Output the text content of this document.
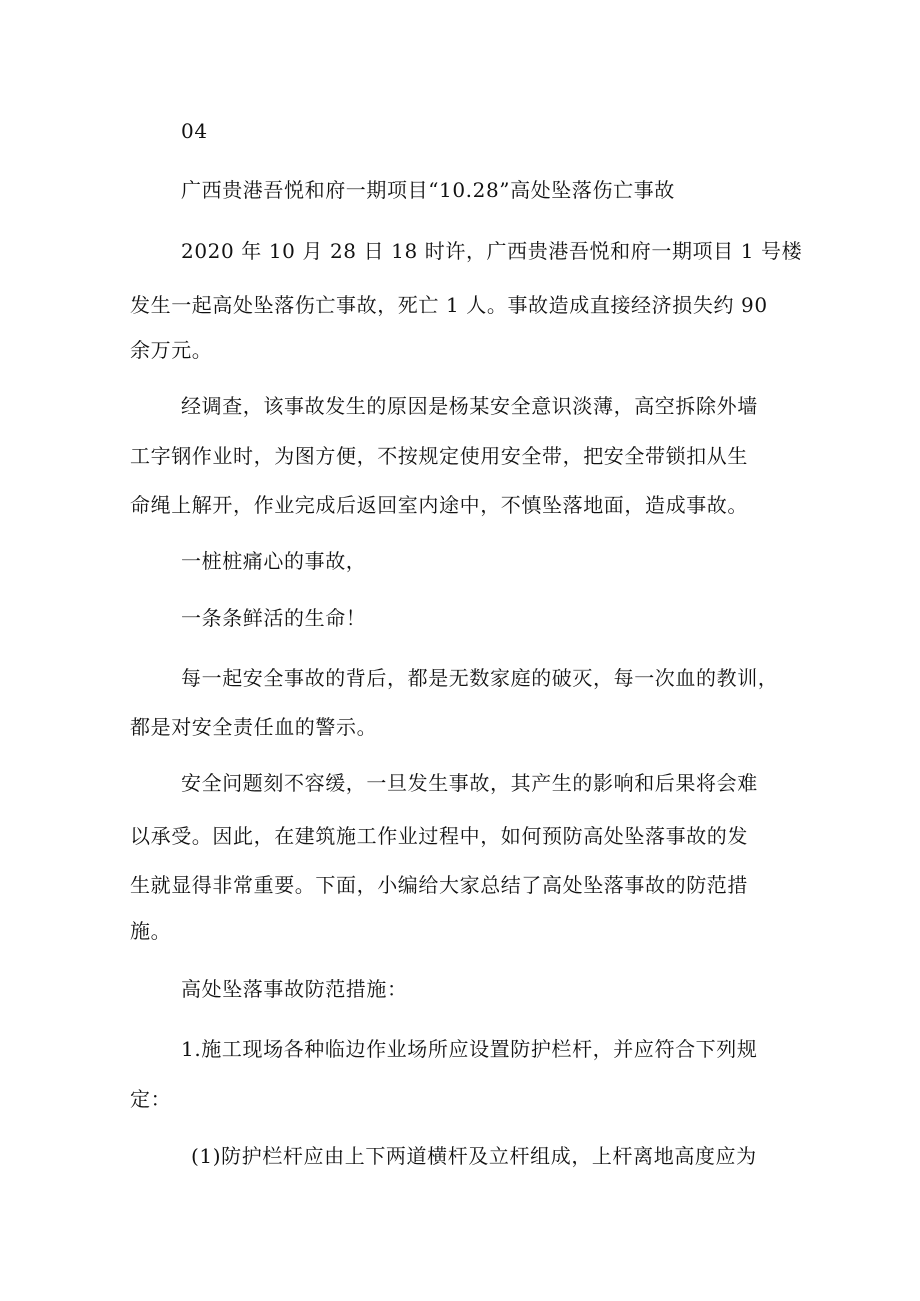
04
广西贵港吾悦和府一期项目“10.28”高处坠落伤亡事故
2020 年 10 月 28 日 18 时许，广西贵港吾悦和府一期项目 1 号楼
发生一起高处坠落伤亡事故，死亡 1 人。事故造成直接经济损失约 90
余万元。
经调查，该事故发生的原因是杨某安全意识淡薄，高空拆除外墙
工字钢作业时，为图方便，不按规定使用安全带，把安全带锁扣从生
命绳上解开，作业完成后返回室内途中，不慎坠落地面，造成事故。
一桩桩痛心的事故，
一条条鲜活的生命！
每一起安全事故的背后，都是无数家庭的破灭，每一次血的教训，
都是对安全责任血的警示。
安全问题刻不容缓，一旦发生事故，其产生的影响和后果将会难
以承受。因此，在建筑施工作业过程中，如何预防高处坠落事故的发
生就显得非常重要。下面，小编给大家总结了高处坠落事故的防范措
施。
高处坠落事故防范措施：
1.施工现场各种临边作业场所应设置防护栏杆，并应符合下列规
定：
(1)防护栏杆应由上下两道横杆及立杆组成，上杆离地高度应为
